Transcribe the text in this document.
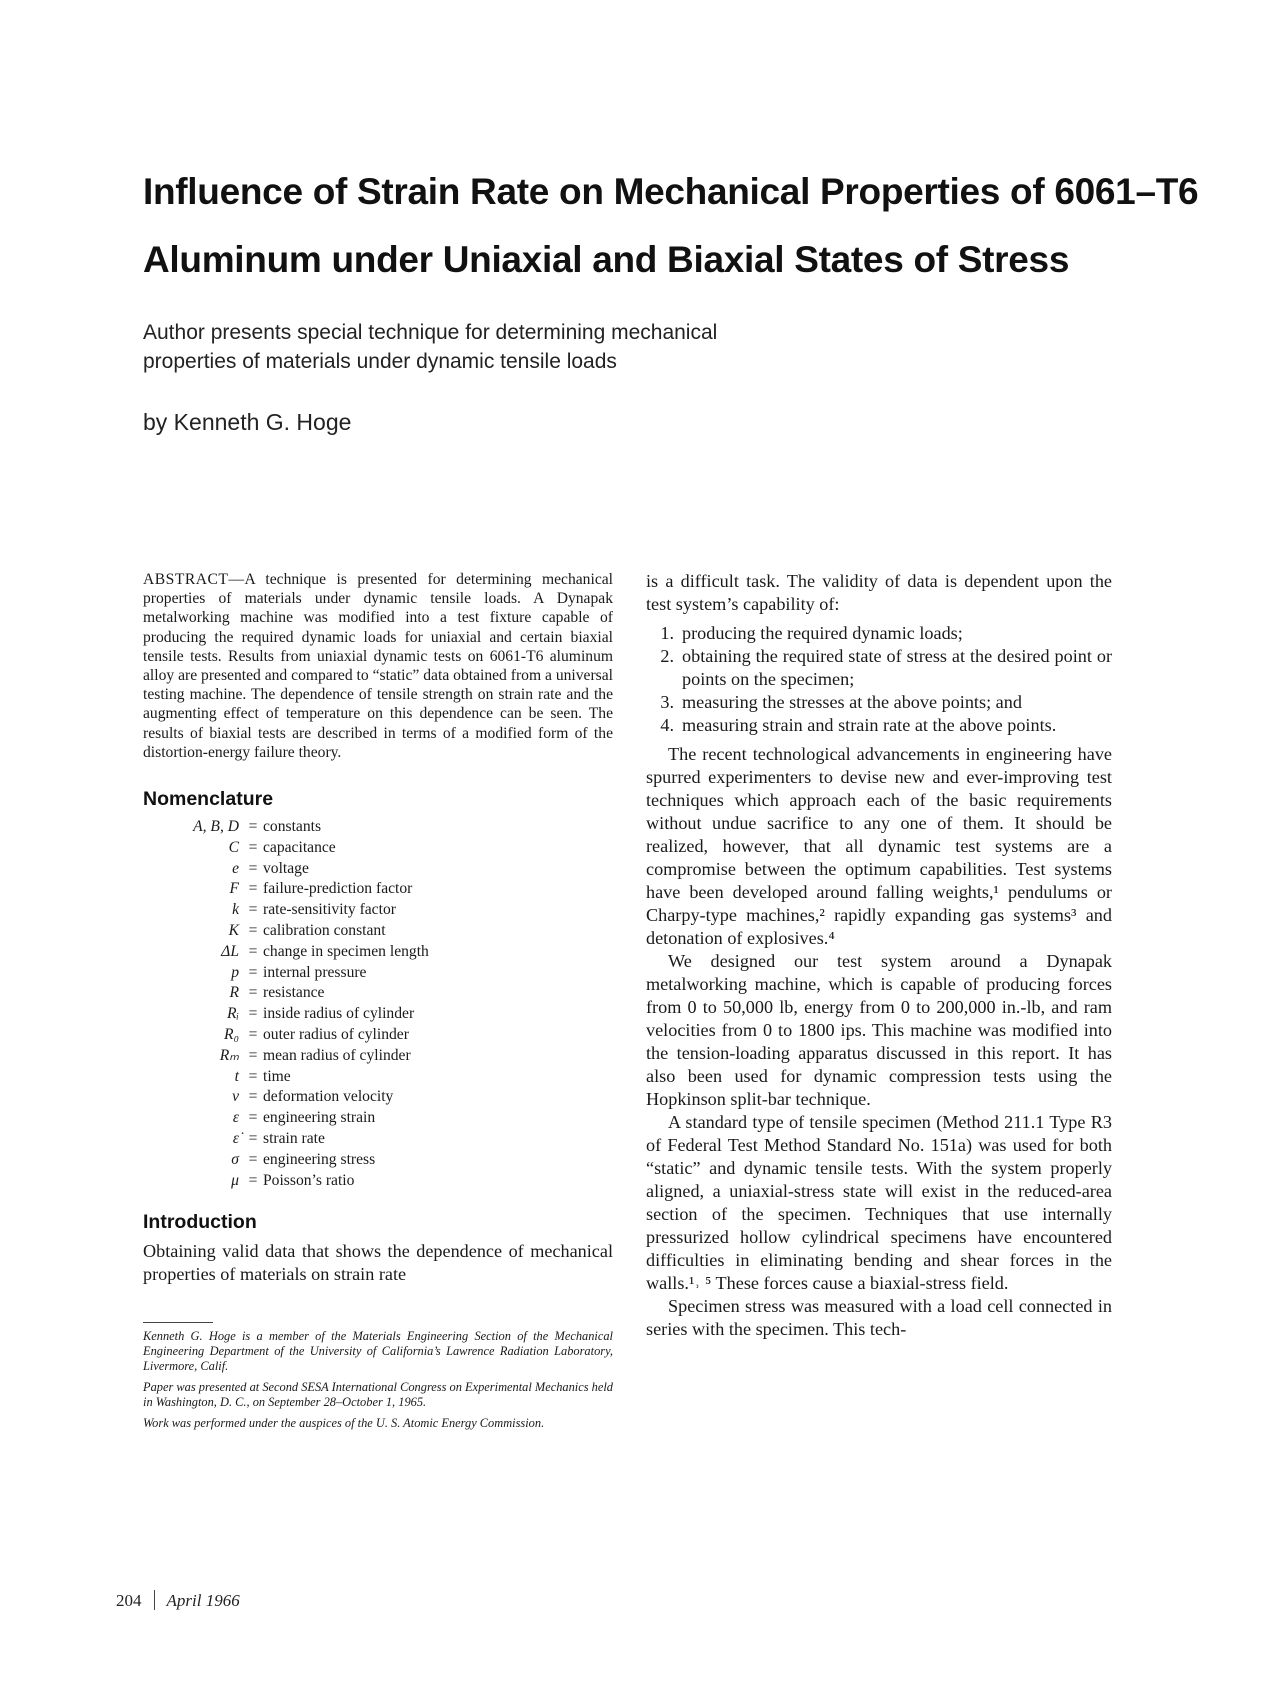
Influence of Strain Rate on Mechanical Properties of 6061–T6
Aluminum under Uniaxial and Biaxial States of Stress
Author presents special technique for determining mechanical
properties of materials under dynamic tensile loads
by Kenneth G. Hoge

ABSTRACT—A technique is presented for determining mechanical properties of materials under dynamic tensile loads. A Dynapak metalworking machine was modified into a test fixture capable of producing the required dynamic loads for uniaxial and certain biaxial tensile tests. Results from uniaxial dynamic tests on 6061-T6 aluminum alloy are presented and compared to “static” data obtained from a universal testing machine. The dependence of tensile strength on strain rate and the augmenting effect of temperature on this dependence can be seen. The results of biaxial tests are described in terms of a modified form of the distortion-energy failure theory.

Nomenclature
A, B, D = constants
C = capacitance
e = voltage
F = failure-prediction factor
k = rate-sensitivity factor
K = calibration constant
ΔL = change in specimen length
p = internal pressure
R = resistance
Rᵢ = inside radius of cylinder
R₀ = outer radius of cylinder
Rₘ = mean radius of cylinder
t = time
v = deformation velocity
ε = engineering strain
ε̇ = strain rate
σ = engineering stress
μ = Poisson’s ratio
Introduction

Obtaining valid data that shows the dependence of mechanical properties of materials on strain rate

Kenneth G. Hoge is a member of the Materials Engineering Section of the Mechanical Engineering Department of the University of California’s Lawrence Radiation Laboratory, Livermore, Calif.

Paper was presented at Second SESA International Congress on Experimental Mechanics held in Washington, D. C., on September 28–October 1, 1965.

Work was performed under the auspices of the U. S. Atomic Energy Commission.

is a difficult task. The validity of data is dependent upon the test system’s capability of:

1. producing the required dynamic loads;
2. obtaining the required state of stress at the desired point or points on the specimen;
3. measuring the stresses at the above points; and
4. measuring strain and strain rate at the above points.

The recent technological advancements in engineering have spurred experimenters to devise new and ever-improving test techniques which approach each of the basic requirements without undue sacrifice to any one of them. It should be realized, however, that all dynamic test systems are a compromise between the optimum capabilities. Test systems have been developed around falling weights,¹ pendulums or Charpy-type machines,² rapidly expanding gas systems³ and detonation of explosives.⁴

We designed our test system around a Dynapak metalworking machine, which is capable of producing forces from 0 to 50,000 lb, energy from 0 to 200,000 in.-lb, and ram velocities from 0 to 1800 ips. This machine was modified into the tension-loading apparatus discussed in this report. It has also been used for dynamic compression tests using the Hopkinson split-bar technique.

A standard type of tensile specimen (Method 211.1 Type R3 of Federal Test Method Standard No. 151a) was used for both “static” and dynamic tensile tests. With the system properly aligned, a uniaxial-stress state will exist in the reduced-area section of the specimen. Techniques that use internally pressurized hollow cylindrical specimens have encountered difficulties in eliminating bending and shear forces in the walls.¹˒ ⁵ These forces cause a biaxial-stress field.

Specimen stress was measured with a load cell connected in series with the specimen. This tech-

204 April 1966
